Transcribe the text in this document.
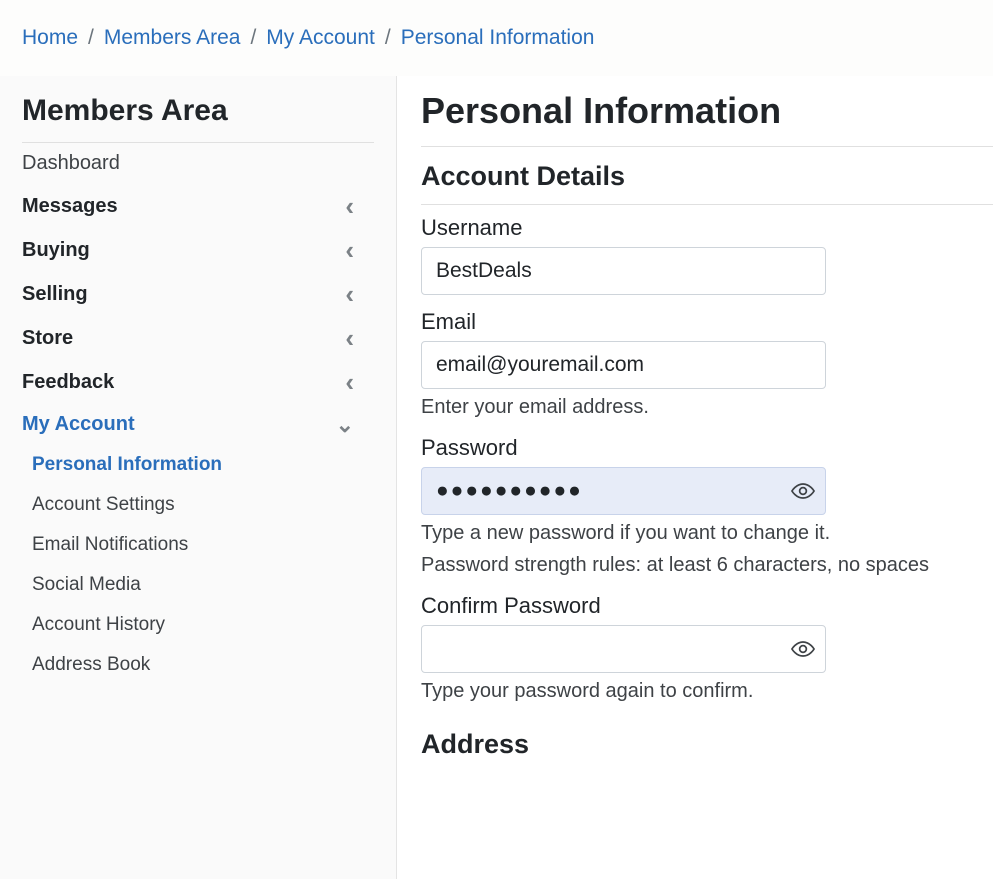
Home / Members Area / My Account / Personal Information
Members Area
Dashboard
Messages
‹
Buying
‹
Selling
‹
Store
‹
Feedback
‹
My Account
⌄
Personal Information
Account Settings
Email Notifications
Social Media
Account History
Address Book
Personal Information
Account Details
Username
BestDeals
Email
email@youremail.com
Enter your email address.
Password
●●●●●●●●●●
Type a new password if you want to change it.
Password strength rules: at least 6 characters, no spaces
Confirm Password
Type your password again to confirm.
Address
